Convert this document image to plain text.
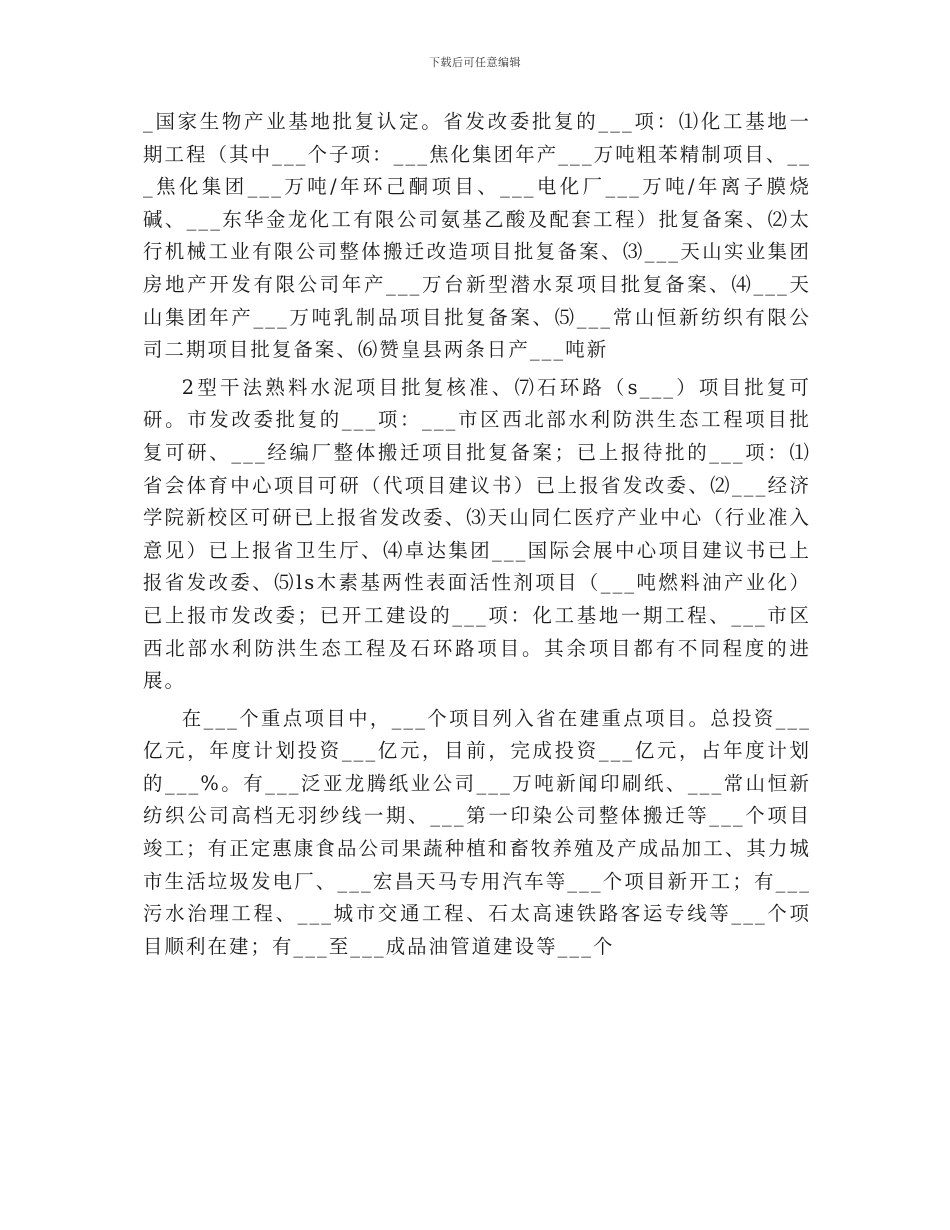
下载后可任意编辑

_国家生物产业基地批复认定。省发改委批复的___项：⑴化工基地一期工程（其中___个子项：___焦化集团年产___万吨粗苯精制项目、__ _焦化集团___万吨/年环己酮项目、___电化厂___万吨/年离子膜烧碱、___东华金龙化工有限公司氨基乙酸及配套工程）批复备案、⑵太行机械工业有限公司整体搬迁改造项目批复备案、⑶___天山实业集团房地产开发有限公司年产___万台新型潜水泵项目批复备案、⑷___天山集团年产___万吨乳制品项目批复备案、⑸___常山恒新纺织有限公司二期项目批复备案、⑹赞皇县两条日产___吨新

2型干法熟料水泥项目批复核准、⑺石环路（s___）项目批复可研。市发改委批复的___项：___市区西北部水利防洪生态工程项目批复可研、___经编厂整体搬迁项目批复备案；已上报待批的___项：⑴省会体育中心项目可研（代项目建议书）已上报省发改委、⑵___经济学院新校区可研已上报省发改委、⑶天山同仁医疗产业中心（行业准入意见）已上报省卫生厅、⑷卓达集团___国际会展中心项目建议书已上报省发改委、⑸ls木素基两性表面活性剂项目（___吨燃料油产业化）已上报市发改委；已开工建设的___项：化工基地一期工程、___市区西北部水利防洪生态工程及石环路项目。其余项目都有不同程度的进展。

在___个重点项目中，___个项目列入省在建重点项目。总投资___亿元，年度计划投资___亿元，目前，完成投资___亿元，占年度计划的___%。有___泛亚龙腾纸业公司___万吨新闻印刷纸、___常山恒新纺织公司高档无羽纱线一期、___第一印染公司整体搬迁等___个项目竣工；有正定惠康食品公司果蔬种植和畜牧养殖及产成品加工、其力城市生活垃圾发电厂、___宏昌天马专用汽车等___个项目新开工；有___污水治理工程、___城市交通工程、石太高速铁路客运专线等___个项目顺利在建；有___至___成品油管道建设等___个
